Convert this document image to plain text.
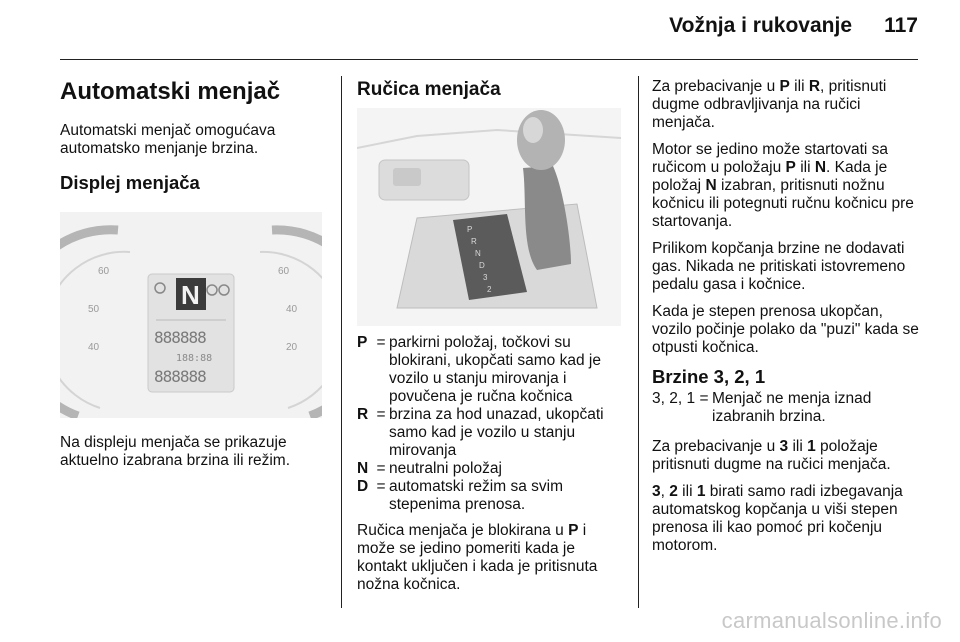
Vožnja i rukovanje 117
Automatski menjač

Automatski menjač omogućava automatsko menjanje brzina.

Displej menjača
60
50
40
60
40
20
N
888888
188:88
888888

Na displeju menjača se prikazuje aktuelno izabrana brzina ili režim.

Ručica menjača
P
R
N
D
3
2
P = parkirni položaj, točkovi su blokirani, ukopčati samo kad je vozilo u stanju mirovanja i povučena je ručna kočnica
R = brzina za hod unazad, ukopčati samo kad je vozilo u stanju mirovanja
N = neutralni položaj
D = automatski režim sa svim stepenima prenosa.

Ručica menjača je blokirana u P i može se jedino pomeriti kada je kontakt uključen i kada je pritisnuta nožna kočnica.

Za prebacivanje u P ili R, pritisnuti dugme odbravljivanja na ručici menjača.

Motor se jedino može startovati sa ručicom u položaju P ili N. Kada je položaj N izabran, pritisnuti nožnu kočnicu ili potegnuti ručnu kočnicu pre startovanja.

Prilikom kopčanja brzine ne dodavati gas. Nikada ne pritiskati istovremeno pedalu gasa i kočnice.

Kada je stepen prenosa ukopčan, vozilo počinje polako da "puzi" kada se otpusti kočnica.

Brzine 3, 2, 1
3, 2, 1 = Menjač ne menja iznad izabranih brzina.

Za prebacivanje u 3 ili 1 položaje pritisnuti dugme na ručici menjača.

3, 2 ili 1 birati samo radi izbegavanja automatskog kopčanja u viši stepen prenosa ili kao pomoć pri kočenju motorom.

carmanualsonline.info
